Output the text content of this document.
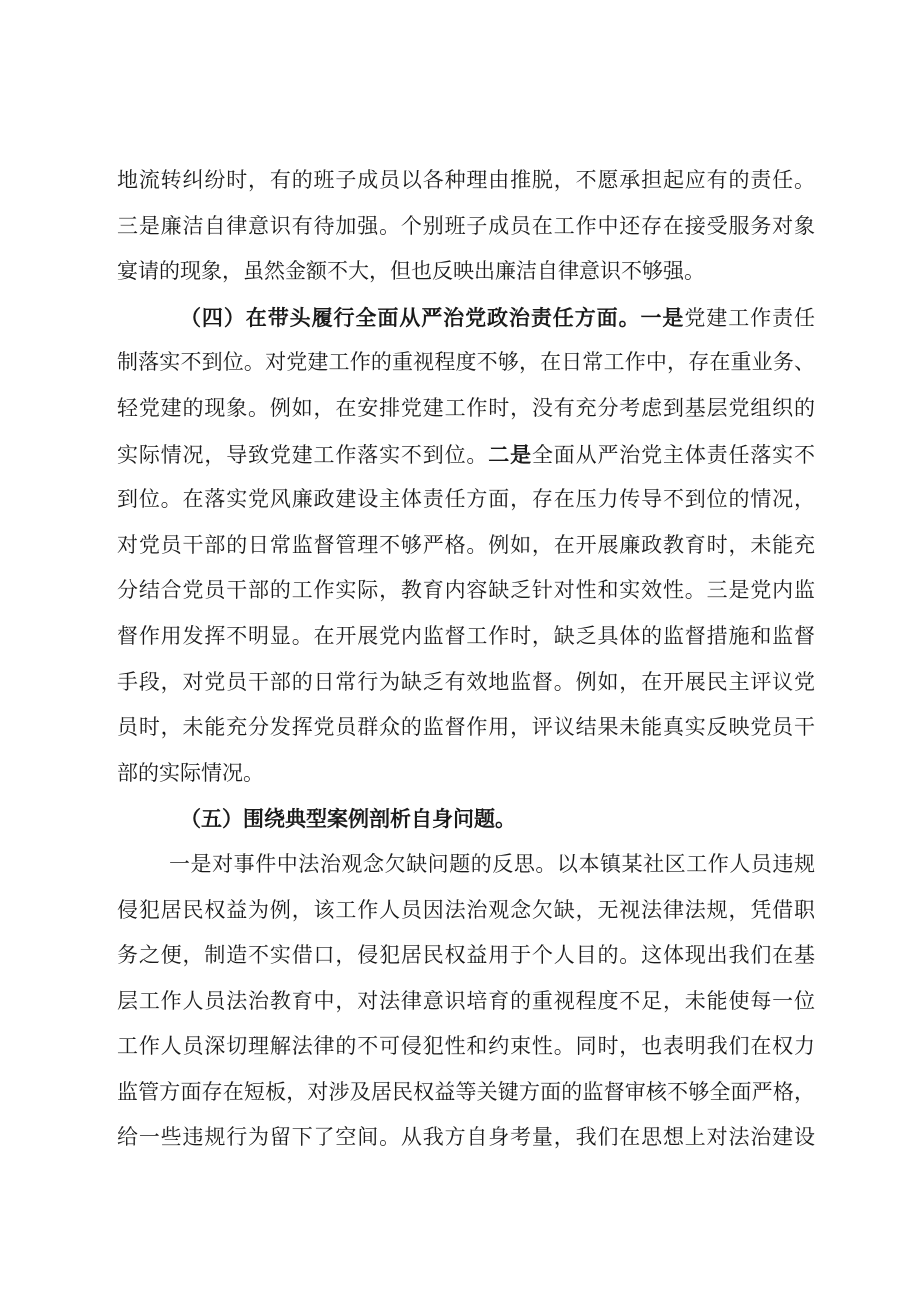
地流转纠纷时，有的班子成员以各种理由推脱，不愿承担起应有的责任。
三是廉洁自律意识有待加强。个别班子成员在工作中还存在接受服务对象
宴请的现象，虽然金额不大，但也反映出廉洁自律意识不够强。
（四）在带头履行全面从严治党政治责任方面。一是党建工作责任
制落实不到位。对党建工作的重视程度不够，在日常工作中，存在重业务、
轻党建的现象。例如，在安排党建工作时，没有充分考虑到基层党组织的
实际情况，导致党建工作落实不到位。二是全面从严治党主体责任落实不
到位。在落实党风廉政建设主体责任方面，存在压力传导不到位的情况，
对党员干部的日常监督管理不够严格。例如，在开展廉政教育时，未能充
分结合党员干部的工作实际，教育内容缺乏针对性和实效性。三是党内监
督作用发挥不明显。在开展党内监督工作时，缺乏具体的监督措施和监督
手段，对党员干部的日常行为缺乏有效地监督。例如，在开展民主评议党
员时，未能充分发挥党员群众的监督作用，评议结果未能真实反映党员干
部的实际情况。
（五）围绕典型案例剖析自身问题。
一是对事件中法治观念欠缺问题的反思。以本镇某社区工作人员违规
侵犯居民权益为例，该工作人员因法治观念欠缺，无视法律法规，凭借职
务之便，制造不实借口，侵犯居民权益用于个人目的。这体现出我们在基
层工作人员法治教育中，对法律意识培育的重视程度不足，未能使每一位
工作人员深切理解法律的不可侵犯性和约束性。同时，也表明我们在权力
监管方面存在短板，对涉及居民权益等关键方面的监督审核不够全面严格，
给一些违规行为留下了空间。从我方自身考量，我们在思想上对法治建设
